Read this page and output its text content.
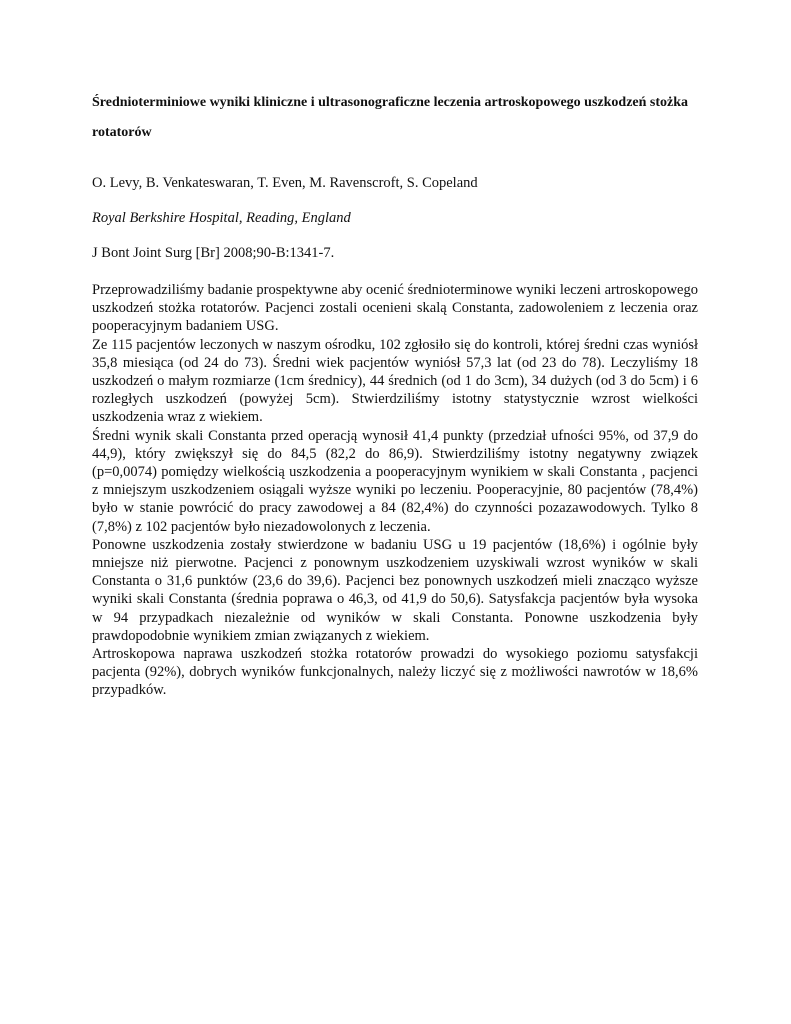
Średnioterminiowe wyniki kliniczne i ultrasonograficzne leczenia artroskopowego uszkodzeń stożka rotatorów

O. Levy, B. Venkateswaran, T. Even, M. Ravenscroft, S. Copeland

Royal Berkshire Hospital, Reading, England

J Bont Joint Surg [Br] 2008;90-B:1341-7.

Przeprowadziliśmy badanie prospektywne aby ocenić średnioterminowe wyniki leczeni artroskopowego uszkodzeń stożka rotatorów. Pacjenci zostali ocenieni skalą Constanta, zadowoleniem z leczenia oraz pooperacyjnym badaniem USG.

Ze 115 pacjentów leczonych w naszym ośrodku, 102 zgłosiło się do kontroli, której średni czas wyniósł 35,8 miesiąca (od 24 do 73). Średni wiek pacjentów wyniósł 57,3 lat (od 23 do 78). Leczyliśmy 18 uszkodzeń o małym rozmiarze (1cm średnicy), 44 średnich (od 1 do 3cm), 34 dużych (od 3 do 5cm) i 6 rozległych uszkodzeń (powyżej 5cm). Stwierdziliśmy istotny statystycznie wzrost wielkości uszkodzenia wraz z wiekiem.

Średni wynik skali Constanta przed operacją wynosił 41,4 punkty (przedział ufności 95%, od 37,9 do 44,9), który zwiększył się do 84,5 (82,2 do 86,9). Stwierdziliśmy istotny negatywny związek (p=0,0074) pomiędzy wielkością uszkodzenia a pooperacyjnym wynikiem w skali Constanta , pacjenci z mniejszym uszkodzeniem osiągali wyższe wyniki po leczeniu. Pooperacyjnie, 80 pacjentów (78,4%) było w stanie powrócić do pracy zawodowej a 84 (82,4%) do czynności pozazawodowych. Tylko 8 (7,8%) z 102 pacjentów było niezadowolonych z leczenia.

Ponowne uszkodzenia zostały stwierdzone w badaniu USG u 19 pacjentów (18,6%) i ogólnie były mniejsze niż pierwotne. Pacjenci z ponownym uszkodzeniem uzyskiwali wzrost wyników w skali Constanta o 31,6 punktów (23,6 do 39,6). Pacjenci bez ponownych uszkodzeń mieli znacząco wyższe wyniki skali Constanta (średnia poprawa o 46,3, od 41,9 do 50,6). Satysfakcja pacjentów była wysoka w 94 przypadkach niezależnie od wyników w skali Constanta. Ponowne uszkodzenia były prawdopodobnie wynikiem zmian związanych z wiekiem.

Artroskopowa naprawa uszkodzeń stożka rotatorów prowadzi do wysokiego poziomu satysfakcji pacjenta (92%), dobrych wyników funkcjonalnych, należy liczyć się z możliwości nawrotów w 18,6% przypadków.
